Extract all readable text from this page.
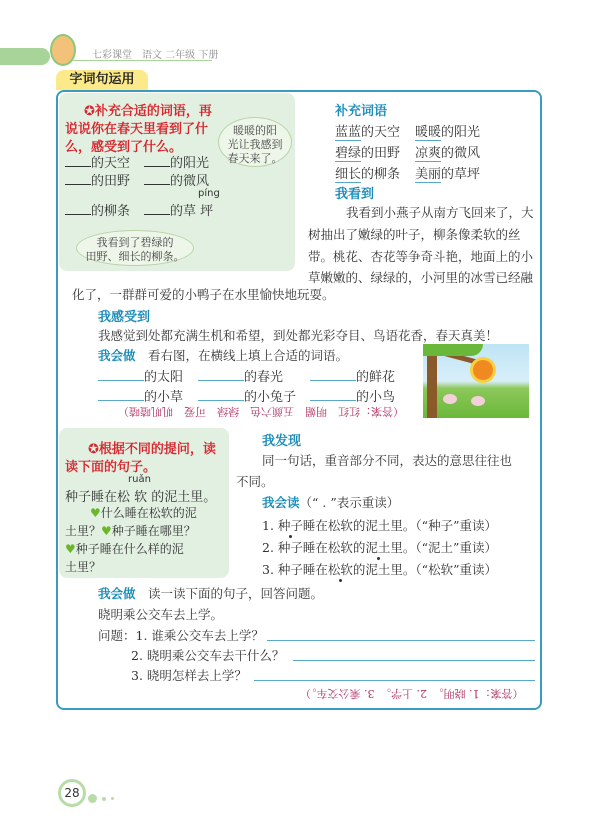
七彩课堂　语文 二年级 下册
字词句运用
✪补充合适的词语，再
说说你在春天里看到了什
么，感受到了什么。
的天空	的阳光
的田野	的微风
píng
的柳条	的草 坪
暖暖的阳
光让我感到
春天来了。
我看到了碧绿的
田野、细长的柳条。
补充词语
蓝蓝的天空 暖暖的阳光
碧绿的田野 凉爽的微风
细长的柳条 美丽的草坪
我看到
我看到小燕子从南方飞回来了，大
树抽出了嫩绿的叶子，柳条像柔软的丝
带。桃花、杏花等争奇斗艳，地面上的小
草嫩嫩的、绿绿的，小河里的冰雪已经融
化了，一群群可爱的小鸭子在水里愉快地玩耍。
我感受到
我感觉到处都充满生机和希望，到处都光彩夺目、鸟语花香，春天真美！
我会做　 看右图，在横线上填上合适的词语。
的太阳	的春光	的鲜花
的小草	的小兔子	的小鸟
（答案：红红　明媚　五颜六色　绿绿　可爱　叽叽喳喳）
✪根据不同的提问，读
读下面的句子。
ruǎn
种子睡在松 软 的泥土里。
♥什么睡在松软的泥
土里？♥种子睡在哪里？
♥种子睡在什么样的泥
土里？
我发现
同一句话，重音部分不同，表达的意思往往也
不同。
我会读（“ . ”表示重读）
1. 种子睡在松软的泥土里。（“种子”重读）
2. 种子睡在松软的泥土里。（“泥土”重读）
3. 种子睡在松软的泥土里。（“松软”重读）
我会做　 读一读下面的句子，回答问题。
晓明乘公交车去上学。
问题：1. 谁乘公交车去上学？
2. 晓明乘公交车去干什么？
3. 晓明怎样去上学？
（答案：1. 晓明。　2. 上学。　3. 乘公交车。）
28
